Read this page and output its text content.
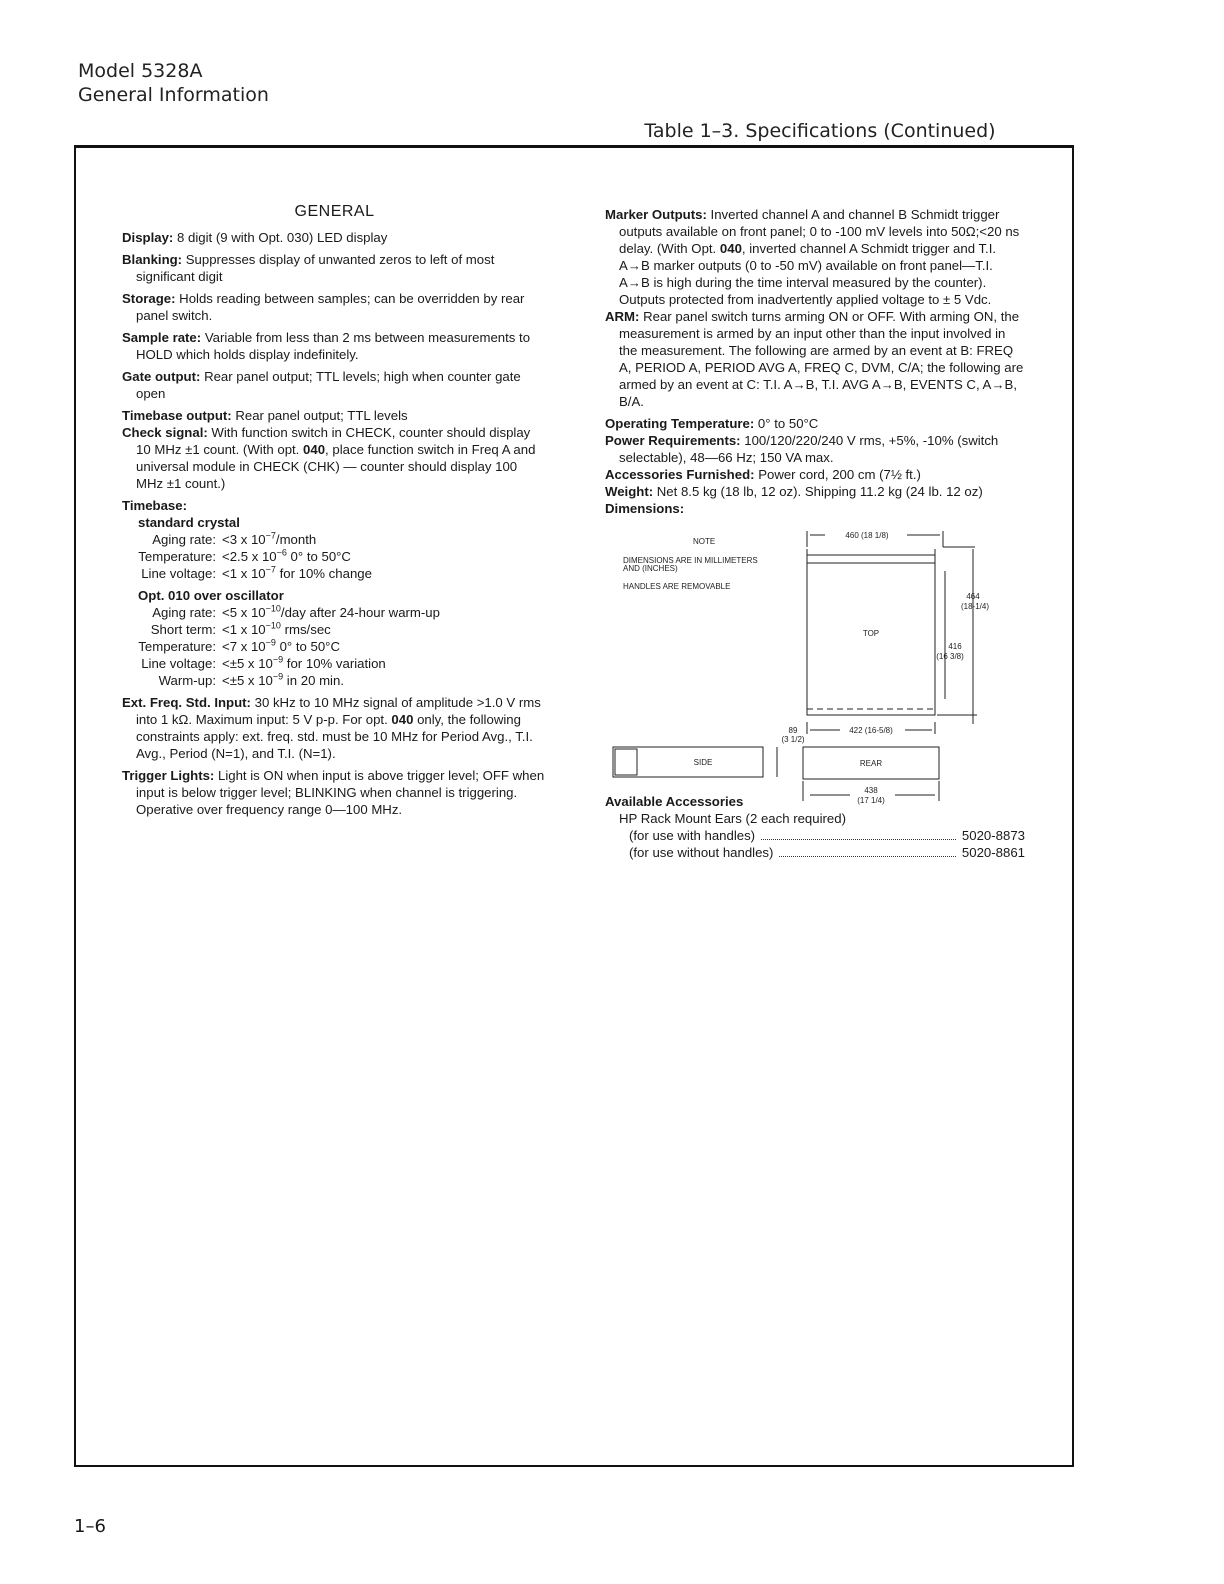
Model 5328A
General Information
Table 1–3. Specifications (Continued)
GENERAL

Display: 8 digit (9 with Opt. 030) LED display

Blanking: Suppresses display of unwanted zeros to left of most significant digit

Storage: Holds reading between samples; can be overridden by rear panel switch.

Sample rate: Variable from less than 2 ms between measurements to HOLD which holds display indefinitely.

Gate output: Rear panel output; TTL levels; high when counter gate open

Timebase output: Rear panel output; TTL levels

Check signal: With function switch in CHECK, counter should display 10 MHz ±1 count. (With opt. 040, place function switch in Freq A and universal module in CHECK (CHK) — counter should display 100 MHz ±1 count.)

Timebase:
standard crystal
Aging rate: <3 x $10^{-7}$/month
Temperature: <2.5 x $10^{-6}$ 0° to 50°C
Line voltage: <1 x $10^{-7}$ for 10% change
Opt. 010 over oscillator
Aging rate: <5 x $10^{-10}$/day after 24-hour warm-up
Short term: <1 x $10^{-10}$ rms/sec
Temperature: <7 x $10^{-9}$ 0° to 50°C
Line voltage: <±5 x $10^{-9}$ for 10% variation
Warm-up: <±5 x $10^{-9}$ in 20 min.

Ext. Freq. Std. Input: 30 kHz to 10 MHz signal of amplitude >1.0 V rms into 1 kΩ. Maximum input: 5 V p-p. For opt. 040 only, the following constraints apply: ext. freq. std. must be 10 MHz for Period Avg., T.I. Avg., Period (N=1), and T.I. (N=1).

Trigger Lights: Light is ON when input is above trigger level; OFF when input is below trigger level; BLINKING when channel is triggering. Operative over frequency range 0—100 MHz.

Marker Outputs: Inverted channel A and channel B Schmidt trigger outputs available on front panel; 0 to -100 mV levels into 50Ω;<20 ns delay. (With Opt. 040, inverted channel A Schmidt trigger and T.I. A→B marker outputs (0 to -50 mV) available on front panel—T.I. A→B is high during the time interval measured by the counter). Outputs protected from inadvertently applied voltage to ± 5 Vdc.

ARM: Rear panel switch turns arming ON or OFF. With arming ON, the measurement is armed by an input other than the input involved in the measurement. The following are armed by an event at B: FREQ A, PERIOD A, PERIOD AVG A, FREQ C, DVM, C/A; the following are armed by an event at C: T.I. A→B, T.I. AVG A→B, EVENTS C, A→B, B/A.

Operating Temperature: 0° to 50°C

Power Requirements: 100/120/220/240 V rms, +5%, -10% (switch selectable), 48—66 Hz; 150 VA max.

Accessories Furnished: Power cord, 200 cm (7½ ft.)

Weight: Net 8.5 kg (18 lb, 12 oz). Shipping 11.2 kg (24 lb. 12 oz)

Dimensions:

NOTE
DIMENSIONS ARE IN MILLIMETERS
AND (INCHES)
HANDLES ARE REMOVABLE
460 (18 1/8)
TOP
464
(18-1/4)
416
(16 3/8)
422 (16-5/8)
89
(3 1/2)
SIDE	REAR
438
(17 1/4)
Available Accessories
HP Rack Mount Ears (2 each required)
(for use with handles)	5020-8873
(for use without handles)	5020-8861
1–6
